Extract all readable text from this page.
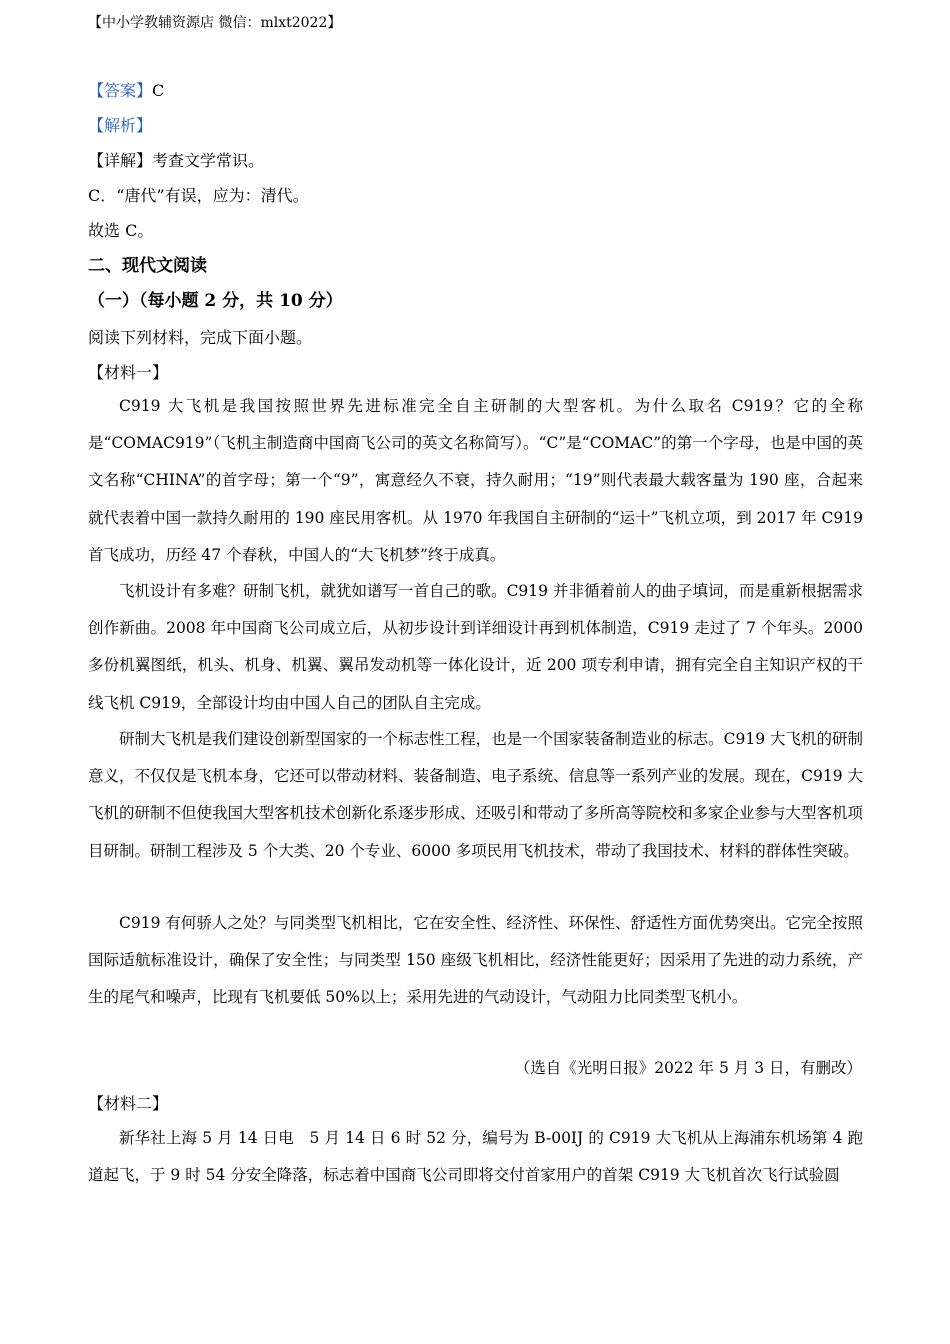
【中小学教辅资源店 微信：mlxt2022】
【答案】C
【解析】
【详解】考查文学常识。
C．“唐代”有误，应为：清代。
故选 C。
二、现代文阅读
（一）（每小题 2 分，共 10 分）
阅读下列材料，完成下面小题。
【材料一】
C919 大飞机是我国按照世界先进标准完全自主研制的大型客机。为什么取名 C919？它的全称是“COMAC919”（飞机主制造商中国商飞公司的英文名称简写）。“C”是“COMAC”的第一个字母，也是中国的英文名称“CHINA”的首字母；第一个“9”，寓意经久不衰，持久耐用；“19”则代表最大载客量为 190 座，合起来就代表着中国一款持久耐用的 190 座民用客机。从 1970 年我国自主研制的“运十”飞机立项，到 2017 年 C919 首飞成功，历经 47 个春秋，中国人的“大飞机梦”终于成真。
飞机设计有多难？研制飞机，就犹如谱写一首自己的歌。C919 并非循着前人的曲子填词，而是重新根据需求创作新曲。2008 年中国商飞公司成立后，从初步设计到详细设计再到机体制造，C919 走过了 7 个年头。2000 多份机翼图纸，机头、机身、机翼、翼吊发动机等一体化设计，近 200 项专利申请，拥有完全自主知识产权的干线飞机 C919，全部设计均由中国人自己的团队自主完成。
研制大飞机是我们建设创新型国家的一个标志性工程，也是一个国家装备制造业的标志。C919 大飞机的研制意义，不仅仅是飞机本身，它还可以带动材料、装备制造、电子系统、信息等一系列产业的发展。现在，C919 大飞机的研制不但使我国大型客机技术创新化系逐步形成、还吸引和带动了多所高等院校和多家企业参与大型客机项目研制。研制工程涉及 5 个大类、20 个专业、6000 多项民用飞机技术，带动了我国技术、材料的群体性突破。
C919 有何骄人之处？与同类型飞机相比，它在安全性、经济性、环保性、舒适性方面优势突出。它完全按照国际适航标准设计，确保了安全性；与同类型 150 座级飞机相比，经济性能更好；因采用了先进的动力系统，产生的尾气和噪声，比现有飞机要低 50%以上；采用先进的气动设计，气动阻力比同类型飞机小。
（选自《光明日报》2022 年 5 月 3 日，有删改）
【材料二】
新华社上海 5 月 14 日电　5 月 14 日 6 时 52 分，编号为 B-00IJ 的 C919 大飞机从上海浦东机场第 4 跑道起飞，于 9 时 54 分安全降落，标志着中国商飞公司即将交付首家用户的首架 C919 大飞机首次飞行试验圆
